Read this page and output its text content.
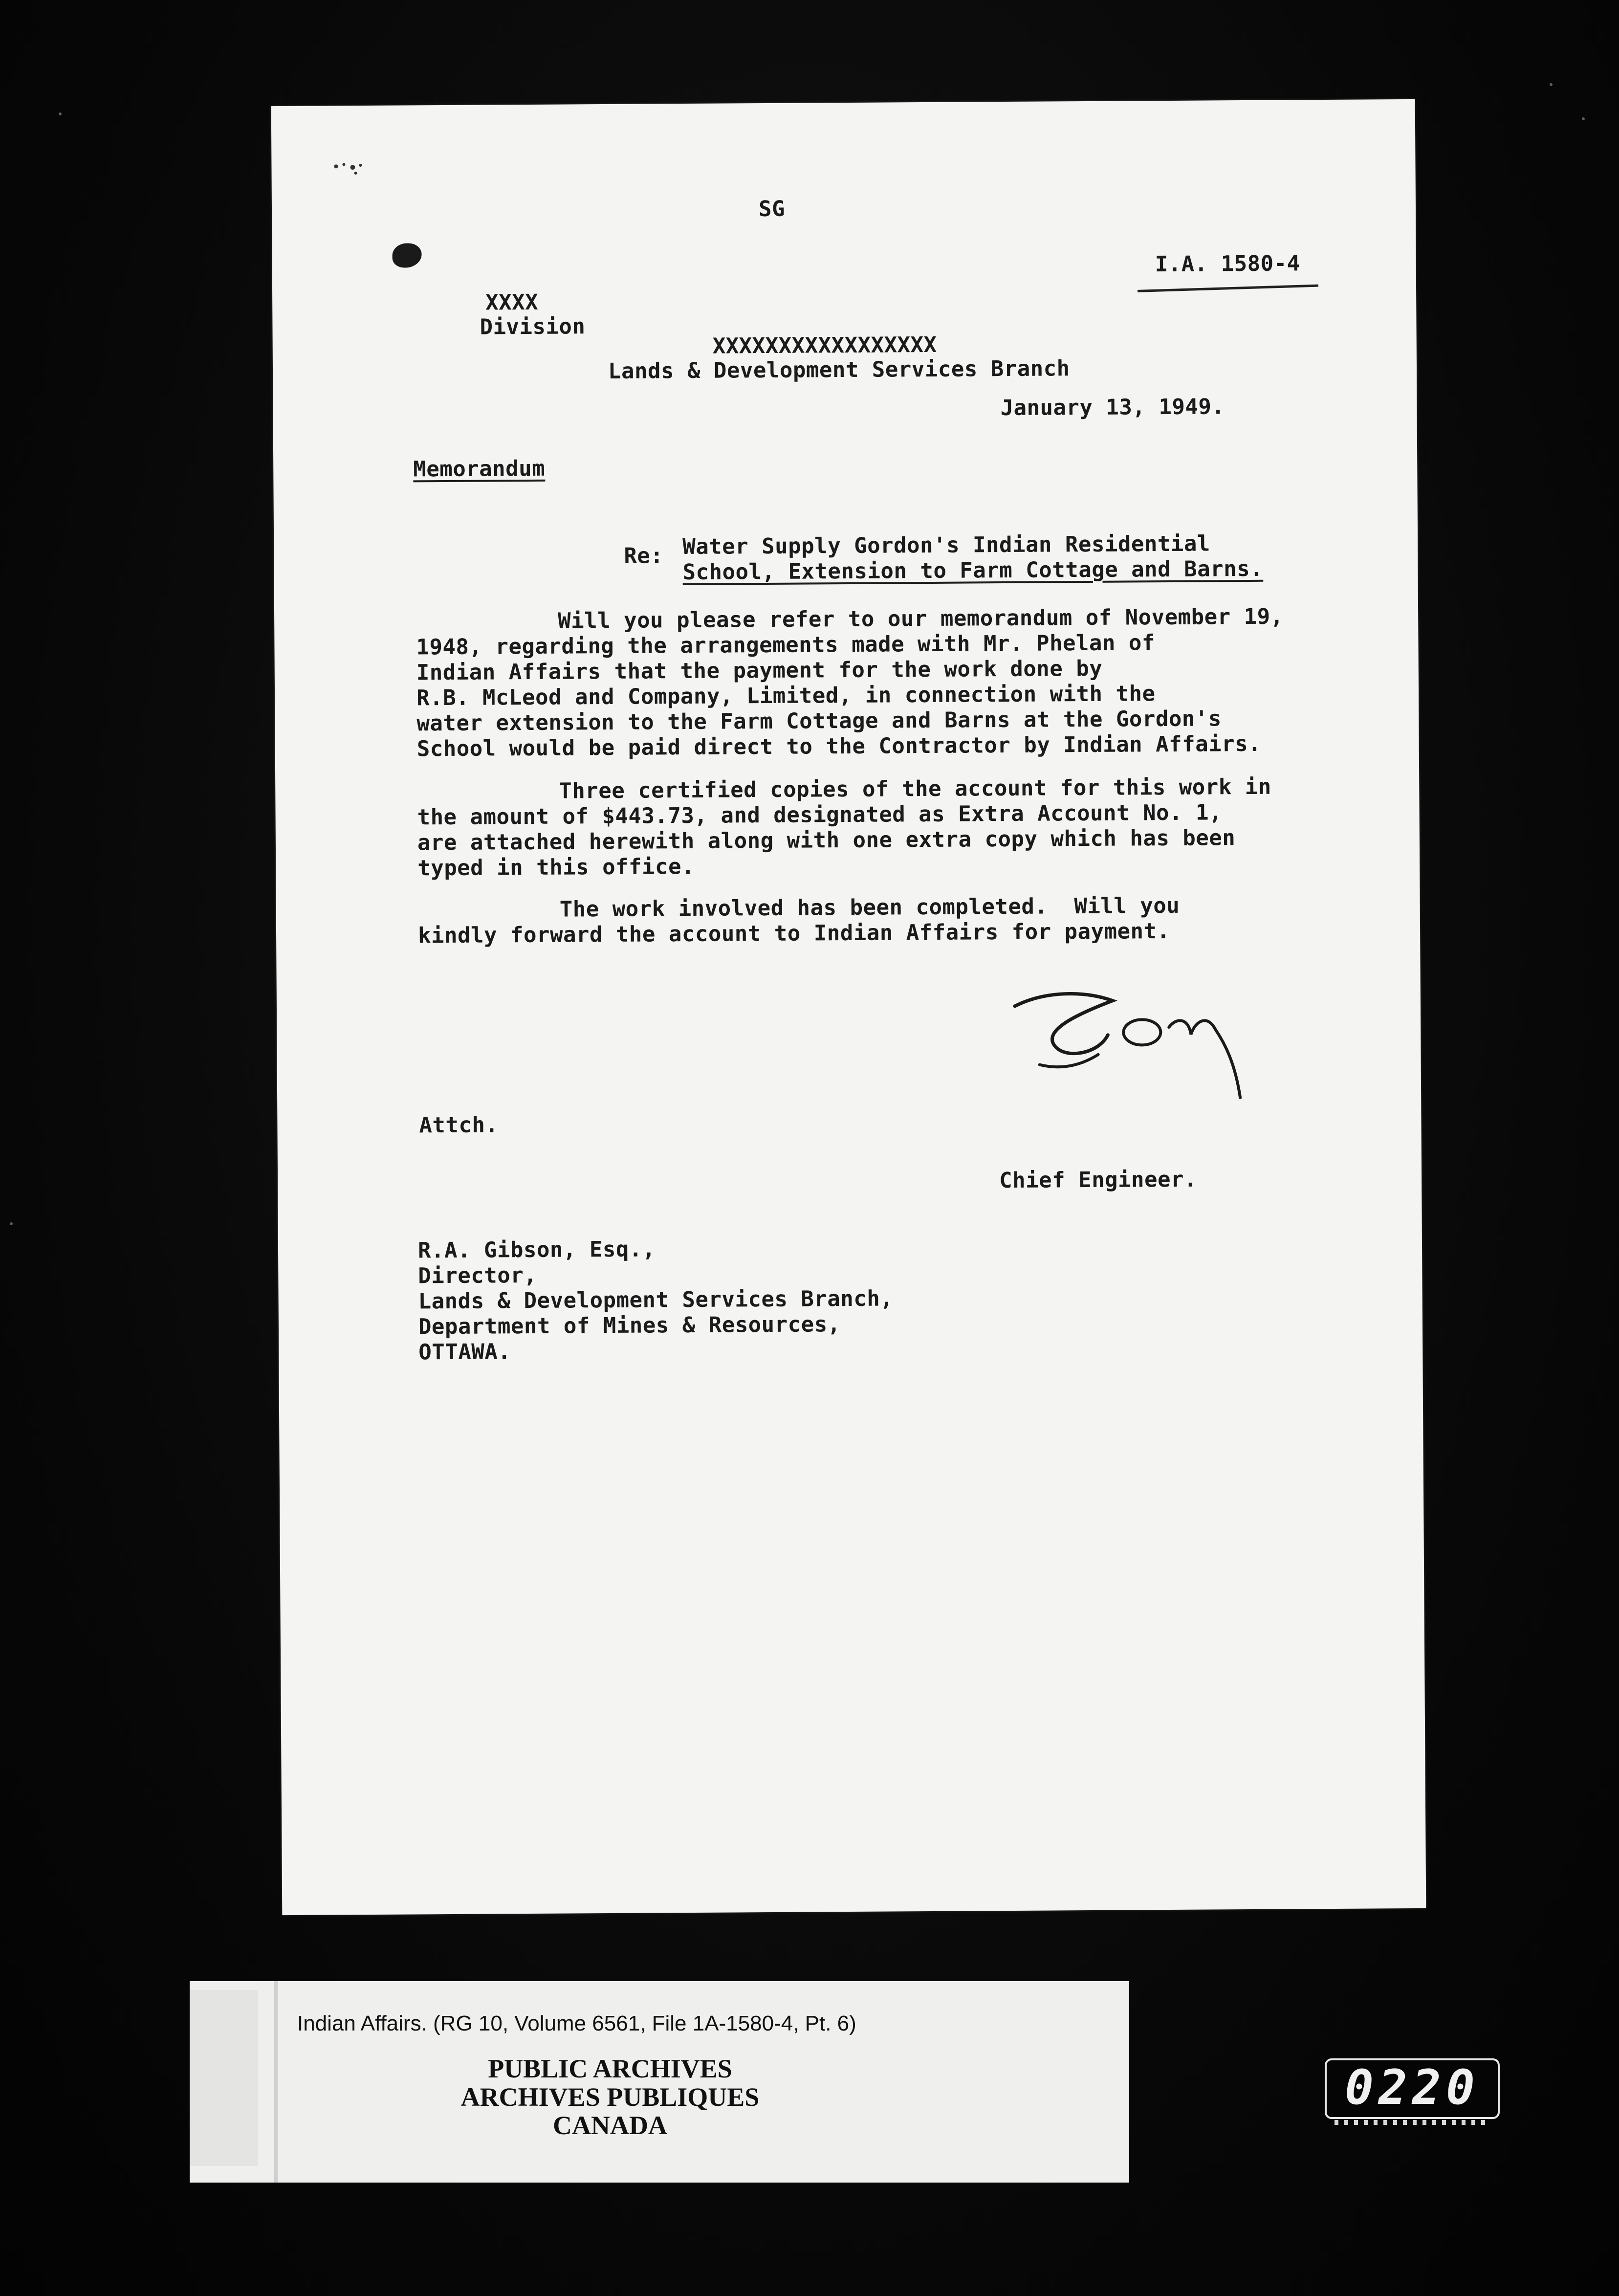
SG

I.A. 1580-4

XXXX

Division

XXXXXXXXXXXXXXXXX

Lands & Development Services Branch

January 13, 1949.

Memorandum

Re: Water Supply Gordon's Indian Residential

School, Extension to Farm Cottage and Barns.

Will you please refer to our memorandum of November 19,

1948, regarding the arrangements made with Mr. Phelan of

Indian Affairs that the payment for the work done by

R.B. McLeod and Company, Limited, in connection with the

water extension to the Farm Cottage and Barns at the Gordon's

School would be paid direct to the Contractor by Indian Affairs.

Three certified copies of the account for this work in

the amount of $443.73, and designated as Extra Account No. 1,

are attached herewith along with one extra copy which has been

typed in this office.

The work involved has been completed.  Will you

kindly forward the account to Indian Affairs for payment.

Attch.

Chief Engineer.

R.A. Gibson, Esq.,

Director,

Lands & Development Services Branch,

Department of Mines & Resources,

OTTAWA.

Indian Affairs. (RG 10, Volume 6561, File 1A-1580-4, Pt. 6)

PUBLIC ARCHIVES
ARCHIVES PUBLIQUES
CANADA
0220
